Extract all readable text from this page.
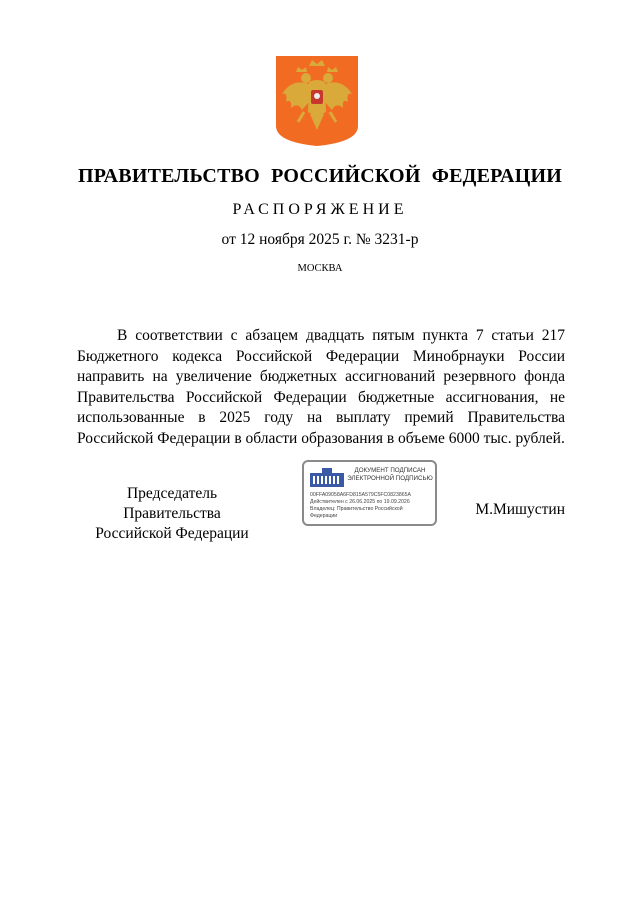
ПРАВИТЕЛЬСТВО РОССИЙСКОЙ ФЕДЕРАЦИИ
РАСПОРЯЖЕНИЕ
от 12 ноября 2025 г. № 3231-р
МОСКВА

В соответствии с абзацем двадцать пятым пункта 7 статьи 217 Бюджетного кодекса Российской Федерации Минобрнауки России направить на увеличение бюджетных ассигнований резервного фонда Правительства Российской Федерации бюджетные ассигнования, не использованные в 2025 году на выплату премий Правительства Российской Федерации в области образования в объеме 6000 тыс. рублей.

Председатель Правительства
Российской Федерации
ДОКУМЕНТ ПОДПИСАН
ЭЛЕКТРОННОЙ ПОДПИСЬЮ
00FFA09058A6FD815A579C5FC0823865A
Действителен с 26.06.2025 по 19.09.2026
Владелец: Правительство Российской
Федерации	М.Мишустин
